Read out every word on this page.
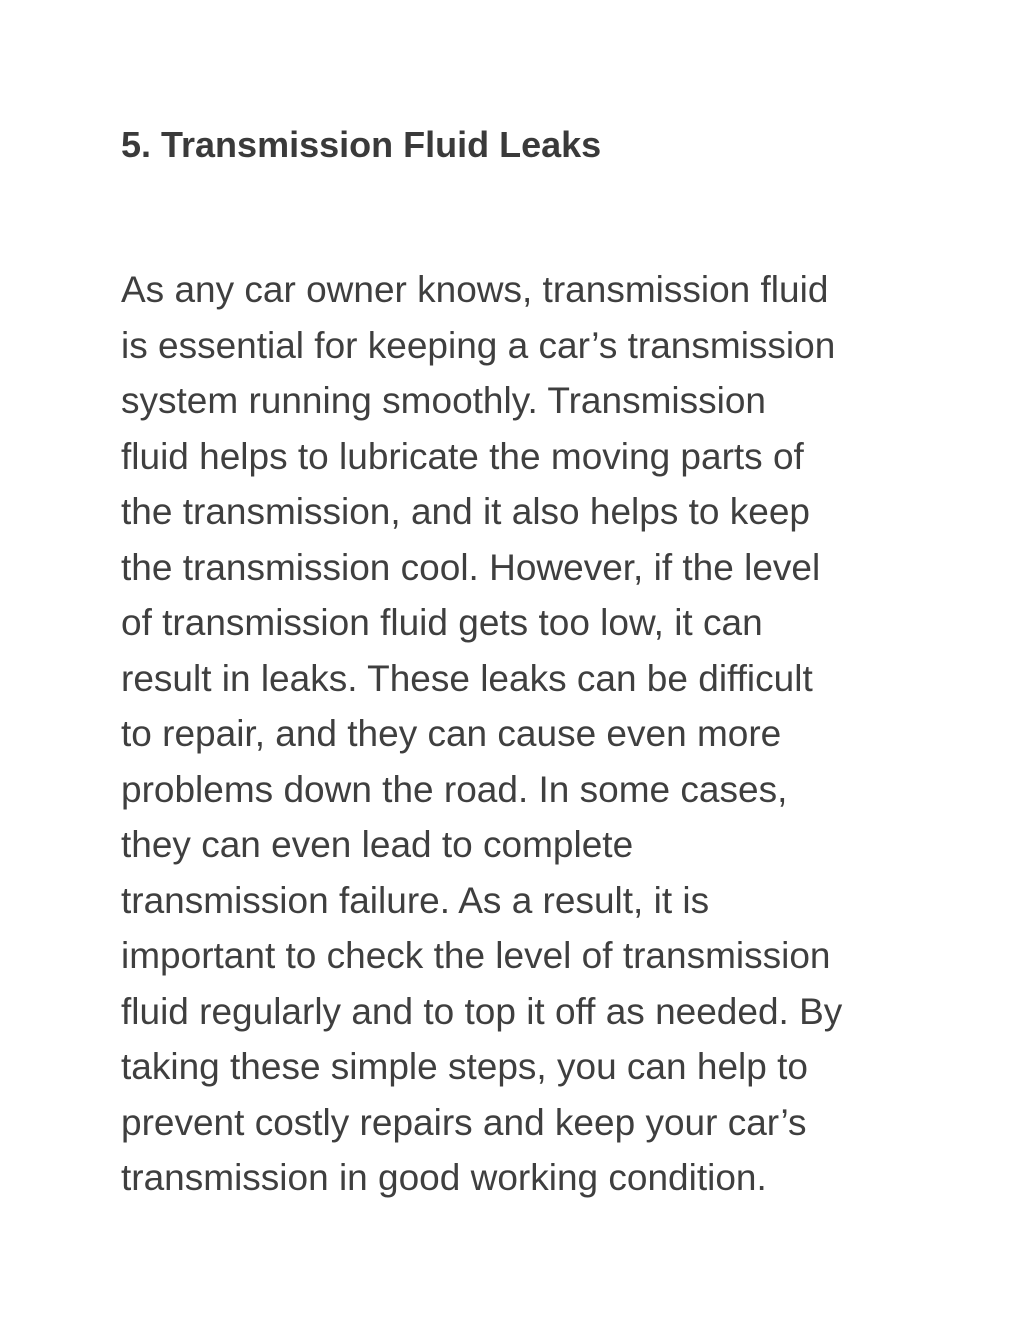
5. Transmission Fluid Leaks

As any car owner knows, transmission fluid
is essential for keeping a car’s transmission
system running smoothly. Transmission
fluid helps to lubricate the moving parts of
the transmission, and it also helps to keep
the transmission cool. However, if the level
of transmission fluid gets too low, it can
result in leaks. These leaks can be difficult
to repair, and they can cause even more
problems down the road. In some cases,
they can even lead to complete
transmission failure. As a result, it is
important to check the level of transmission
fluid regularly and to top it off as needed. By
taking these simple steps, you can help to
prevent costly repairs and keep your car’s
transmission in good working condition.
